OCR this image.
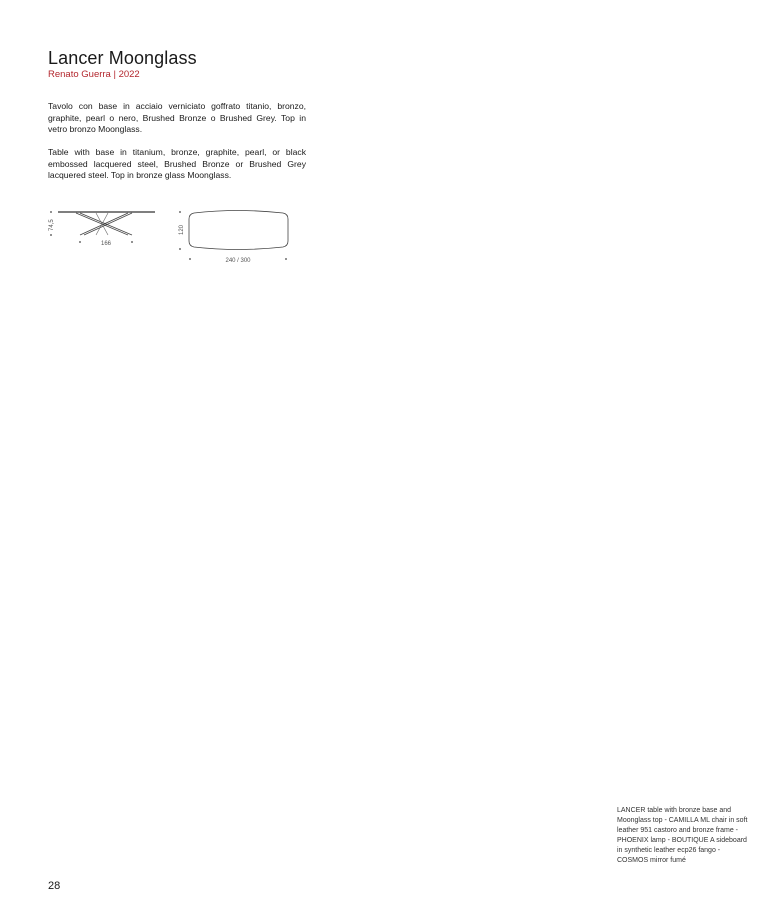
Lancer Moonglass
Renato Guerra | 2022
Tavolo con base in acciaio verniciato goffrato titanio, bronzo, graphite, pearl o nero, Brushed Bronze o Brushed Grey. Top in vetro bronzo Moonglass.
Table with base in titanium, bronze, graphite, pearl, or black embossed lacquered steel, Brushed Bronze or Brushed Grey lacquered steel. Top in bronze glass Moonglass.
74,5
166
120
240 / 300
LANCER table with bronze base and Moonglass top - CAMILLA ML chair in soft leather 951 castoro and bronze frame - PHOENIX lamp - BOUTIQUE A sideboard in synthetic leather ecp26 fango - COSMOS mirror fumé
28
